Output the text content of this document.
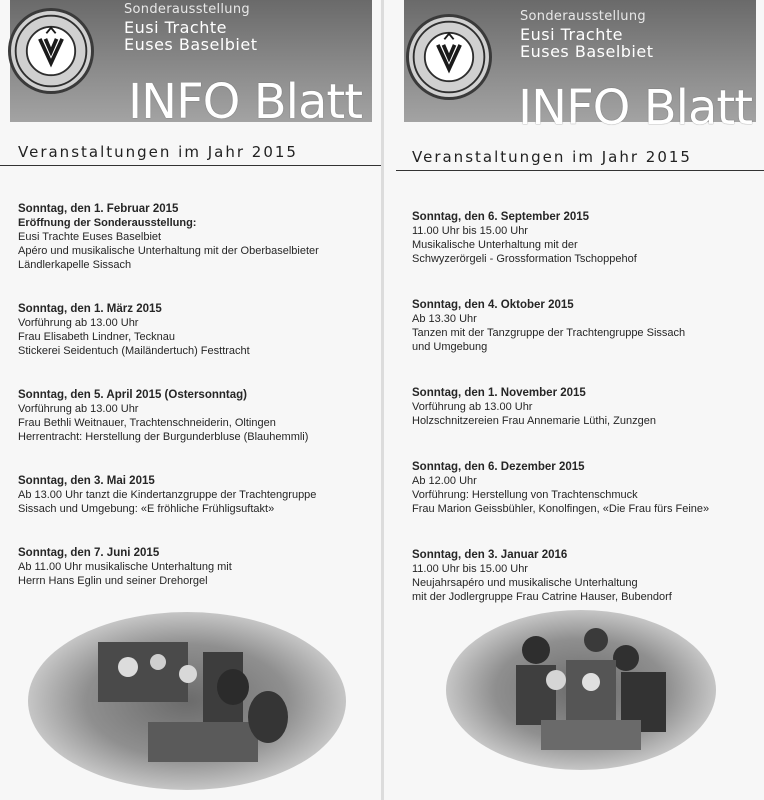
Sonderausstellung
Eusi Trachte
Euses Baselbiet
INFO Blatt
Veranstaltungen im Jahr 2015
Sonntag, den 1. Februar 2015
Eröffnung der Sonderausstellung:
Eusi Trachte Euses Baselbiet
Apéro und musikalische Unterhaltung mit der Oberbaselbieter
Ländlerkapelle Sissach
Sonntag, den 1. März 2015
Vorführung ab 13.00 Uhr
Frau Elisabeth Lindner, Tecknau
Stickerei Seidentuch (Mailändertuch) Festtracht
Sonntag, den 5. April 2015 (Ostersonntag)
Vorführung ab 13.00 Uhr
Frau Bethli Weitnauer, Trachtenschneiderin, Oltingen
Herrentracht: Herstellung der Burgunderbluse (Blauhemmli)
Sonntag, den 3. Mai 2015
Ab 13.00 Uhr tanzt die Kindertanzgruppe der Trachtengruppe
Sissach und Umgebung: «E fröhliche Frühligsuftakt»
Sonntag, den 7. Juni 2015
Ab 11.00 Uhr musikalische Unterhaltung mit
Herrn Hans Eglin und seiner Drehorgel
Sonderausstellung
Eusi Trachte
Euses Baselbiet
INFO Blatt
Veranstaltungen im Jahr 2015
Sonntag, den 6. September 2015
11.00 Uhr bis 15.00 Uhr
Musikalische Unterhaltung mit der
Schwyzerörgeli - Grossformation Tschoppehof
Sonntag, den 4. Oktober 2015
Ab 13.30 Uhr
Tanzen mit der Tanzgruppe der Trachtengruppe Sissach
und Umgebung
Sonntag, den 1. November 2015
Vorführung ab 13.00 Uhr
Holzschnitzereien Frau Annemarie Lüthi, Zunzgen
Sonntag, den 6. Dezember 2015
Ab 12.00 Uhr
Vorführung: Herstellung von Trachtenschmuck
Frau Marion Geissbühler, Konolfingen, «Die Frau fürs Feine»
Sonntag, den 3. Januar 2016
11.00 Uhr bis 15.00 Uhr
Neujahrsapéro und musikalische Unterhaltung
mit der Jodlergruppe Frau Catrine Hauser, Bubendorf
